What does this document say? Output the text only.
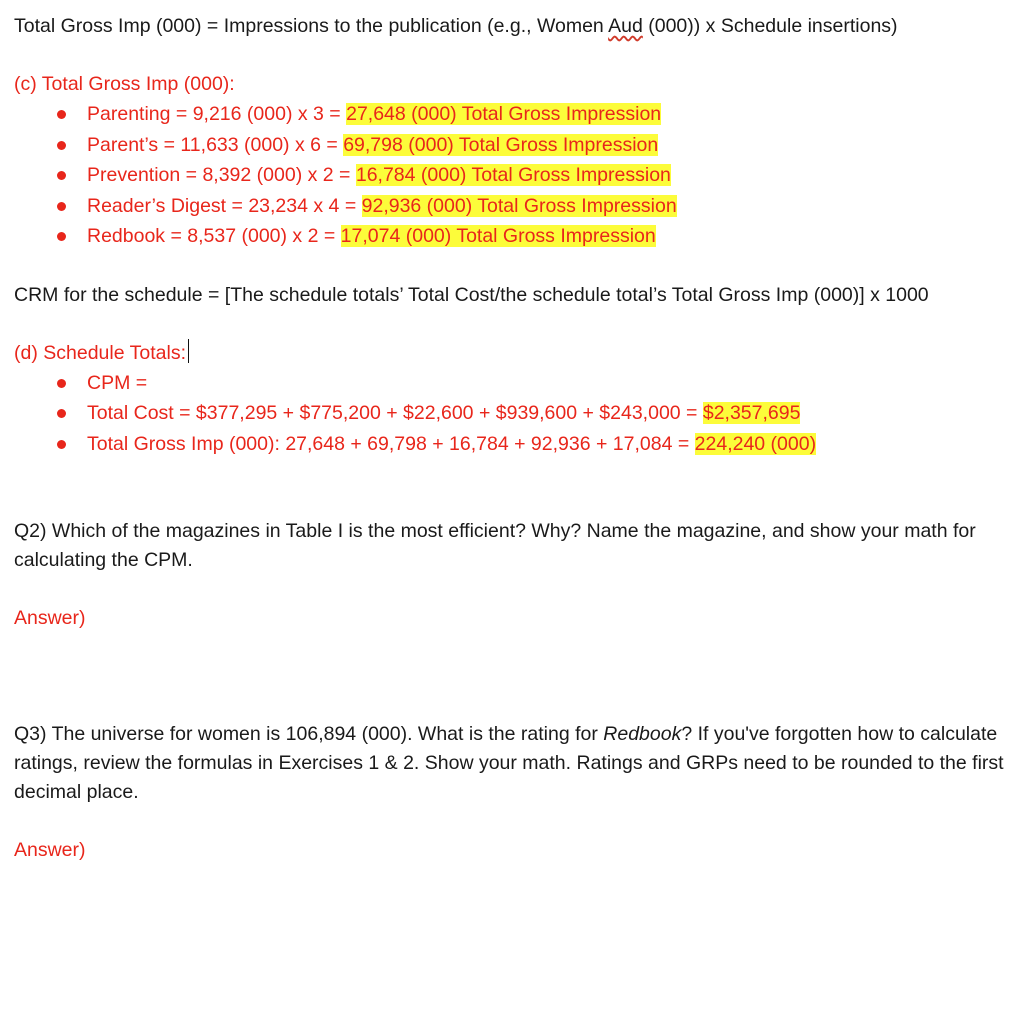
Total Gross Imp (000) = Impressions to the publication (e.g., Women Aud (000)) x Schedule insertions)

(c) Total Gross Imp (000):

Parenting = 9,216 (000) x 3 = 27,648 (000) Total Gross Impression
Parent’s = 11,633 (000) x 6 = 69,798 (000) Total Gross Impression
Prevention = 8,392 (000) x 2 = 16,784 (000) Total Gross Impression
Reader’s Digest = 23,234 x 4 = 92,936 (000) Total Gross Impression
Redbook = 8,537 (000) x 2 = 17,074 (000) Total Gross Impression

CRM for the schedule = [The schedule totals’ Total Cost/the schedule total’s Total Gross Imp (000)] x 1000

(d) Schedule Totals:

CPM =
Total Cost = $377,295 + $775,200 + $22,600 + $939,600 + $243,000 = $2,357,695
Total Gross Imp (000): 27,648 + 69,798 + 16,784 + 92,936 + 17,084 = 224,240 (000)

Q2) Which of the magazines in Table I is the most efficient? Why? Name the magazine, and show your math for calculating the CPM.

Answer)

Q3) The universe for women is 106,894 (000). What is the rating for Redbook? If you've forgotten how to calculate ratings, review the formulas in Exercises 1 & 2. Show your math. Ratings and GRPs need to be rounded to the first decimal place.

Answer)
